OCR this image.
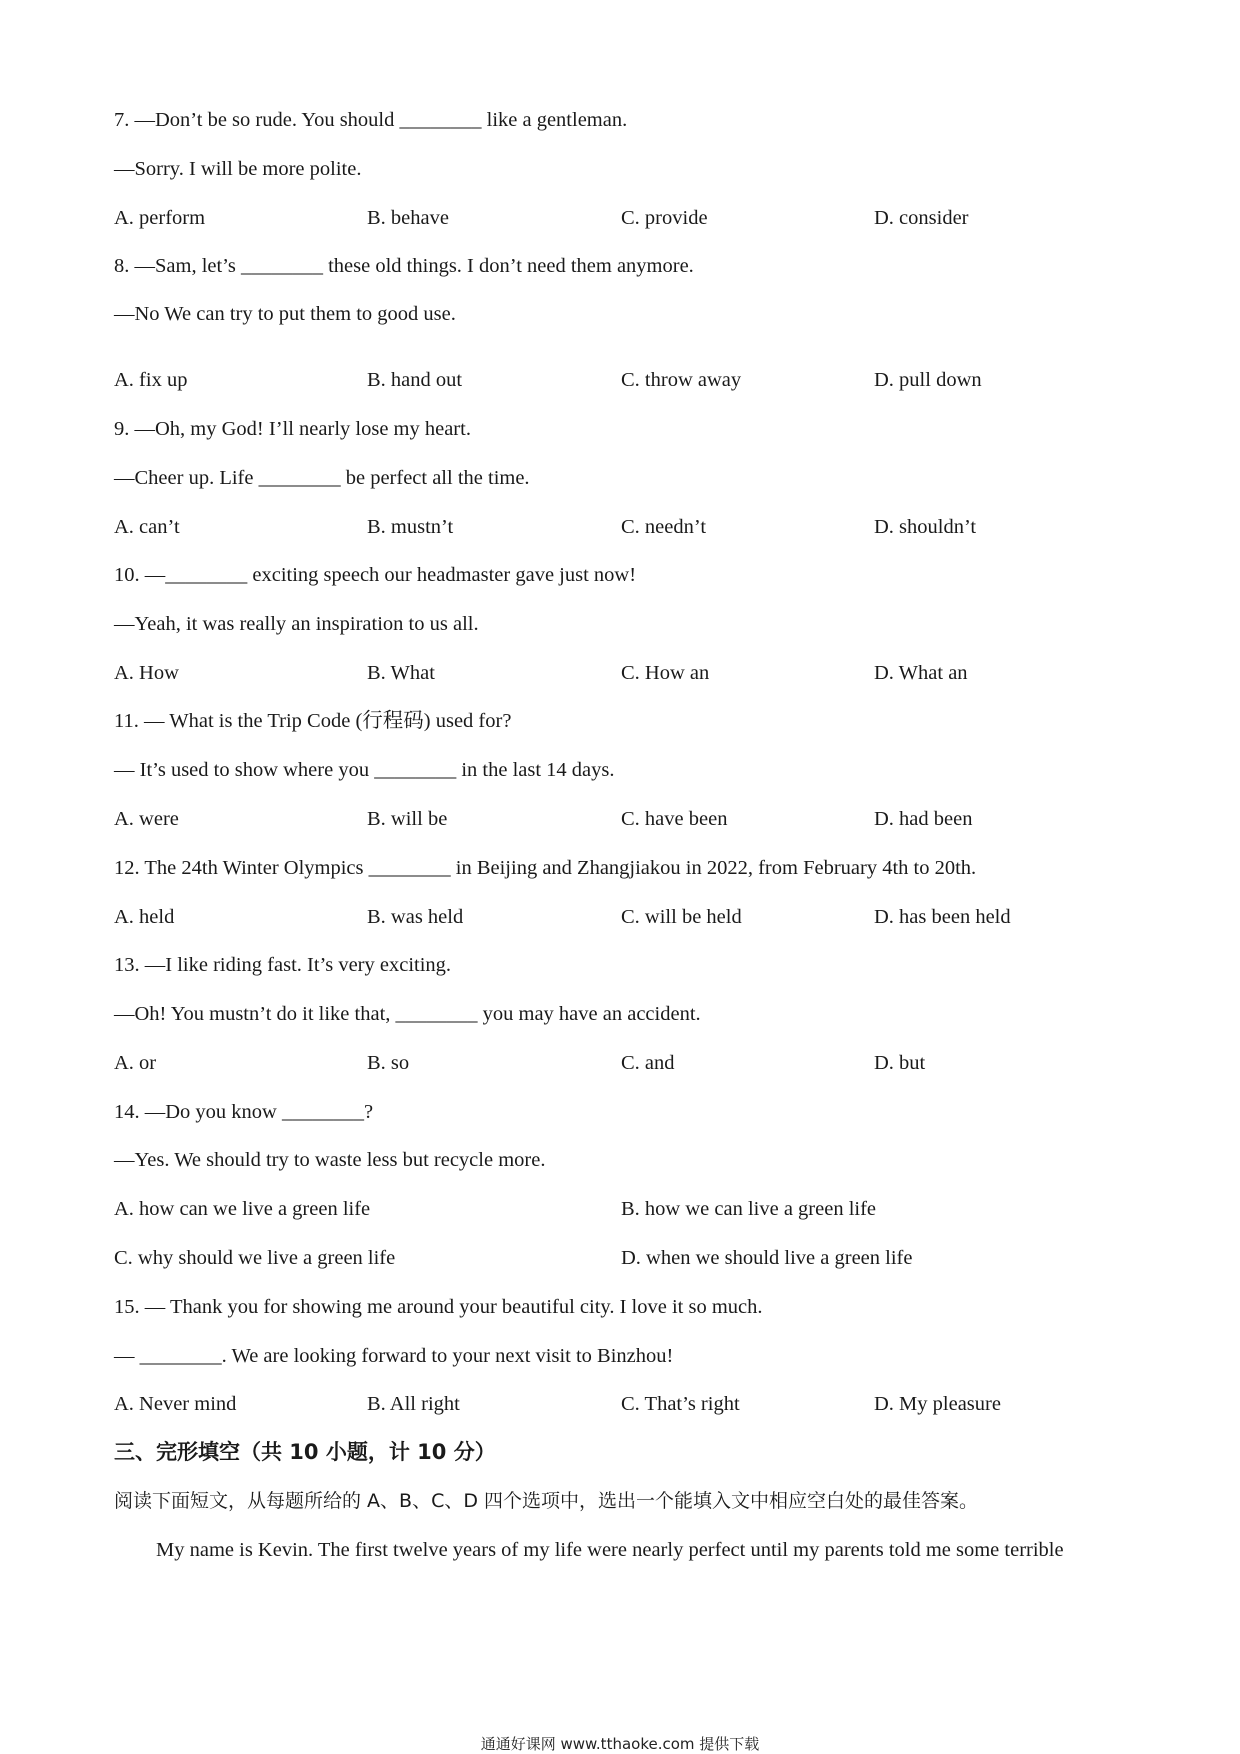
7. —Don’t be so rude. You should ________ like a gentleman.
—Sorry. I will be more polite.
A. perform	B. behave	C. provide	D. consider
8. —Sam, let’s ________ these old things. I don’t need them anymore.
—No We can try to put them to good use.
A. fix up	B. hand out	C. throw away	D. pull down
9. —Oh, my God! I’ll nearly lose my heart.
—Cheer up. Life ________ be perfect all the time.
A. can’t	B. mustn’t	C. needn’t	D. shouldn’t
10. —________ exciting speech our headmaster gave just now!
—Yeah, it was really an inspiration to us all.
A. How	B. What	C. How an	D. What an
11. — What is the Trip Code (行程码) used for?
— It’s used to show where you ________ in the last 14 days.
A. were	B. will be	C. have been	D. had been
12. The 24th Winter Olympics ________ in Beijing and Zhangjiakou in 2022, from February 4th to 20th.
A. held	B. was held	C. will be held	D. has been held
13. —I like riding fast. It’s very exciting.
—Oh! You mustn’t do it like that, ________ you may have an accident.
A. or	B. so	C. and	D. but
14. —Do you know ________?
—Yes. We should try to waste less but recycle more.
A. how can we live a green life	B. how we can live a green life
C. why should we live a green life	D. when we should live a green life
15. — Thank you for showing me around your beautiful city. I love it so much.
— ________. We are looking forward to your next visit to Binzhou!
A. Never mind	B. All right	C. That’s right	D. My pleasure
三、完形填空（共 10 小题，计 10 分）
阅读下面短文，从每题所给的 A、B、C、D 四个选项中，选出一个能填入文中相应空白处的最佳答案。
My name is Kevin. The first twelve years of my life were nearly perfect until my parents told me some terrible
通通好课网 www.tthaoke.com 提供下载
